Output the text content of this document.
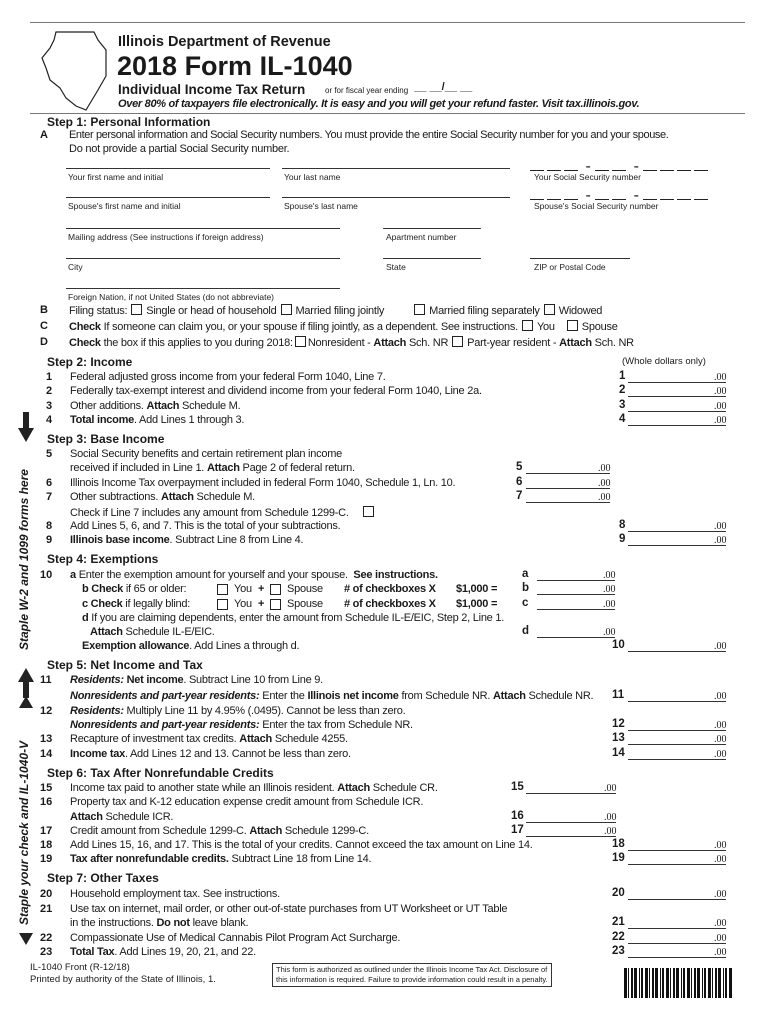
Illinois Department of Revenue
2018 Form IL-1040
Individual Income Tax Return or for fiscal year ending __ __/__ __
Over 80% of taxpayers file electronically. It is easy and you will get your refund faster. Visit tax.illinois.gov.
Step 1: Personal Information
A Enter personal information and Social Security numbers. You must provide the entire Social Security number for you and your spouse.
Do not provide a partial Social Security number.
-  -
Your first name and initial	Your last name	Your Social Security number
-  -
Spouse's first name and initial	Spouse's last name	Spouse's Social Security number
Mailing address (See instructions if foreign address)	Apartment number
City	State	ZIP or Postal Code
Foreign Nation, if not United States (do not abbreviate)
B Filing status: Single or head of household Married filing jointly	Married filing separately Widowed
C Check If someone can claim you, or your spouse if filing jointly, as a dependent. See instructions. You Spouse
D Check the box if this applies to you during 2018: Nonresident - Attach Sch. NR Part-year resident - Attach Sch. NR
(Whole dollars only)
Step 2: Income
1 Federal adjusted gross income from your federal Form 1040, Line 7.	1	.00
2 Federally tax-exempt interest and dividend income from your federal Form 1040, Line 2a.	2	.00
3 Other additions. Attach Schedule M.	3	.00
4 Total income. Add Lines 1 through 3.	4	.00
Step 3: Base Income
5 Social Security benefits and certain retirement plan income
received if included in Line 1. Attach Page 2 of federal return.	5	.00
6 Illinois Income Tax overpayment included in federal Form 1040, Schedule 1, Ln. 10.	6	.00
7 Other subtractions. Attach Schedule M.	7	.00
Check if Line 7 includes any amount from Schedule 1299-C.
8 Add Lines 5, 6, and 7. This is the total of your subtractions.	8	.00
9 Illinois base income. Subtract Line 8 from Line 4.	9	.00
Step 4: Exemptions
10 a Enter the exemption amount for yourself and your spouse.  See instructions.	a	.00
b Check if 65 or older:	You + Spouse # of checkboxes X $1,000 = b	.00
c Check if legally blind:	You + Spouse # of checkboxes X $1,000 = c	.00
d If you are claiming dependents, enter the amount from Schedule IL-E/EIC, Step 2, Line 1.
Attach Schedule IL-E/EIC.	d	.00
Exemption allowance. Add Lines a through d.	10	.00
Step 5: Net Income and Tax
11 Residents: Net income. Subtract Line 10 from Line 9.
Nonresidents and part-year residents: Enter the Illinois net income from Schedule NR. Attach Schedule NR. 11	.00
12 Residents: Multiply Line 11 by 4.95% (.0495). Cannot be less than zero.
Nonresidents and part-year residents: Enter the tax from Schedule NR.	12	.00
13 Recapture of investment tax credits. Attach Schedule 4255.	13	.00
14 Income tax. Add Lines 12 and 13. Cannot be less than zero.	14	.00
Step 6: Tax After Nonrefundable Credits
15 Income tax paid to another state while an Illinois resident. Attach Schedule CR.	15	.00
16 Property tax and K-12 education expense credit amount from Schedule ICR.
Attach Schedule ICR.	16	.00
17 Credit amount from Schedule 1299-C. Attach Schedule 1299-C.	17	.00
18 Add Lines 15, 16, and 17. This is the total of your credits. Cannot exceed the tax amount on Line 14.	18	.00
19 Tax after nonrefundable credits. Subtract Line 18 from Line 14.	19	.00
Step 7: Other Taxes
20 Household employment tax. See instructions.	20	.00
21 Use tax on internet, mail order, or other out-of-state purchases from UT Worksheet or UT Table
in the instructions. Do not leave blank.	21	.00
22 Compassionate Use of Medical Cannabis Pilot Program Act Surcharge.	22	.00
23 Total Tax. Add Lines 19, 20, 21, and 22.	23	.00
Staple W-2 and 1099 forms here
Staple your check and IL-1040-V
IL-1040 Front (R-12/18)
Printed by authority of the State of Illinois, 1.
This form is authorized as outlined under the Illinois Income Tax Act. Disclosure of
this information is required. Failure to provide information could result in a penalty.
